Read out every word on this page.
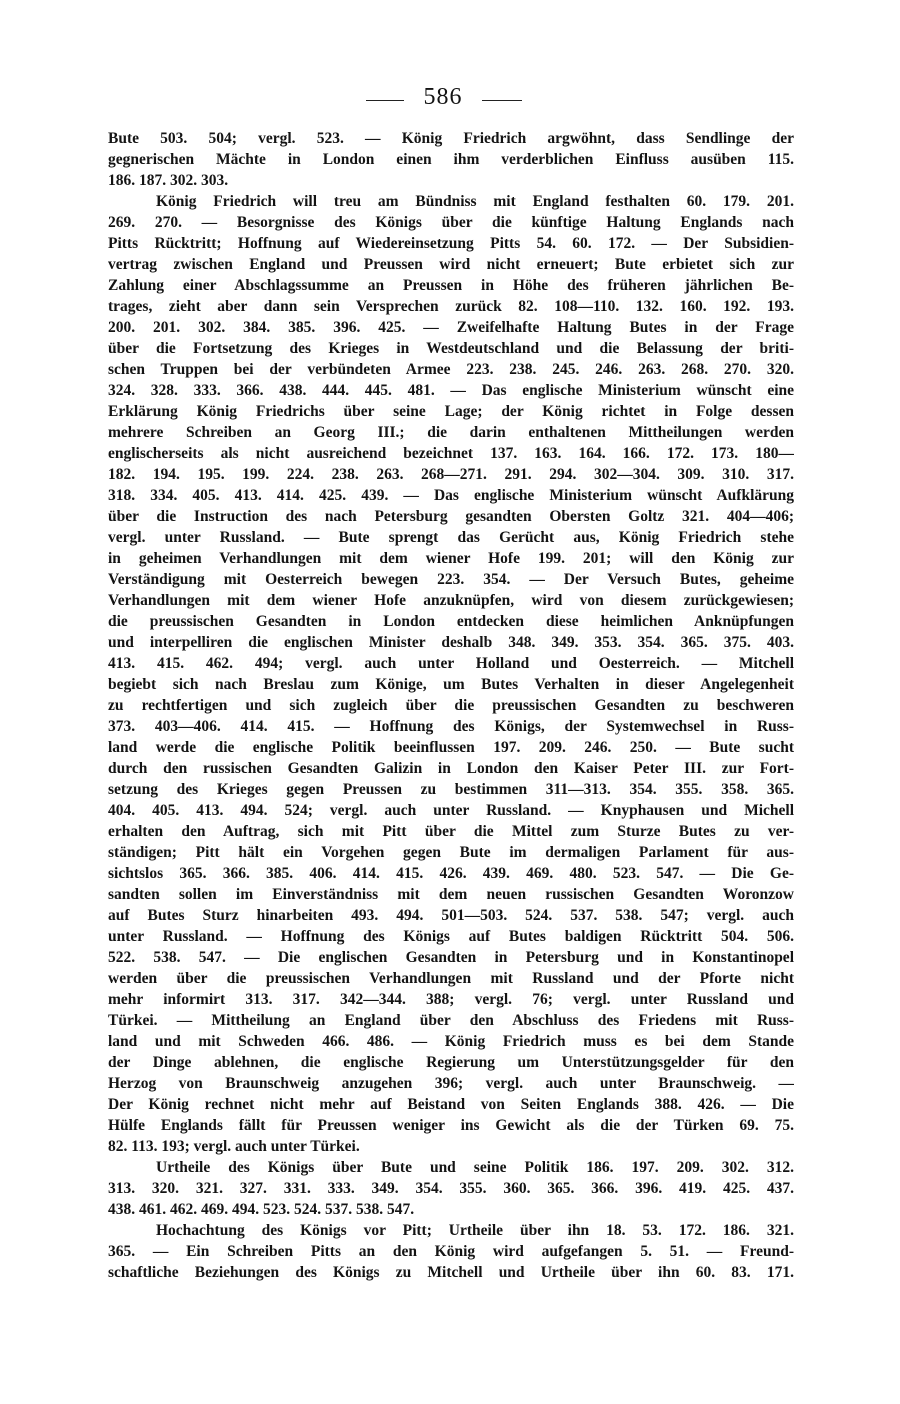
586
Bute 503. 504; vergl. 523. — König Friedrich argwöhnt, dass Sendlinge der
gegnerischen Mächte in London einen ihm verderblichen Einfluss ausüben 115.
186. 187. 302. 303.
König Friedrich will treu am Bündniss mit England festhalten 60. 179. 201.
269. 270. — Besorgnisse des Königs über die künftige Haltung Englands nach
Pitts Rücktritt; Hoffnung auf Wiedereinsetzung Pitts 54. 60. 172. — Der Subsidien-
vertrag zwischen England und Preussen wird nicht erneuert; Bute erbietet sich zur
Zahlung einer Abschlagssumme an Preussen in Höhe des früheren jährlichen Be-
trages, zieht aber dann sein Versprechen zurück 82. 108—110. 132. 160. 192. 193.
200. 201. 302. 384. 385. 396. 425. — Zweifelhafte Haltung Butes in der Frage
über die Fortsetzung des Krieges in Westdeutschland und die Belassung der briti-
schen Truppen bei der verbündeten Armee 223. 238. 245. 246. 263. 268. 270. 320.
324. 328. 333. 366. 438. 444. 445. 481. — Das englische Ministerium wünscht eine
Erklärung König Friedrichs über seine Lage; der König richtet in Folge dessen
mehrere Schreiben an Georg III.; die darin enthaltenen Mittheilungen werden
englischerseits als nicht ausreichend bezeichnet 137. 163. 164. 166. 172. 173. 180—
182. 194. 195. 199. 224. 238. 263. 268—271. 291. 294. 302—304. 309. 310. 317.
318. 334. 405. 413. 414. 425. 439. — Das englische Ministerium wünscht Aufklärung
über die Instruction des nach Petersburg gesandten Obersten Goltz 321. 404—406;
vergl. unter Russland. — Bute sprengt das Gerücht aus, König Friedrich stehe
in geheimen Verhandlungen mit dem wiener Hofe 199. 201; will den König zur
Verständigung mit Oesterreich bewegen 223. 354. — Der Versuch Butes, geheime
Verhandlungen mit dem wiener Hofe anzuknüpfen, wird von diesem zurückgewiesen;
die preussischen Gesandten in London entdecken diese heimlichen Anknüpfungen
und interpelliren die englischen Minister deshalb 348. 349. 353. 354. 365. 375. 403.
413. 415. 462. 494; vergl. auch unter Holland und Oesterreich. — Mitchell
begiebt sich nach Breslau zum Könige, um Butes Verhalten in dieser Angelegenheit
zu rechtfertigen und sich zugleich über die preussischen Gesandten zu beschweren
373. 403—406. 414. 415. — Hoffnung des Königs, der Systemwechsel in Russ-
land werde die englische Politik beeinflussen 197. 209. 246. 250. — Bute sucht
durch den russischen Gesandten Galizin in London den Kaiser Peter III. zur Fort-
setzung des Krieges gegen Preussen zu bestimmen 311—313. 354. 355. 358. 365.
404. 405. 413. 494. 524; vergl. auch unter Russland. — Knyphausen und Michell
erhalten den Auftrag, sich mit Pitt über die Mittel zum Sturze Butes zu ver-
ständigen; Pitt hält ein Vorgehen gegen Bute im dermaligen Parlament für aus-
sichtslos 365. 366. 385. 406. 414. 415. 426. 439. 469. 480. 523. 547. — Die Ge-
sandten sollen im Einverständniss mit dem neuen russischen Gesandten Woronzow
auf Butes Sturz hinarbeiten 493. 494. 501—503. 524. 537. 538. 547; vergl. auch
unter Russland. — Hoffnung des Königs auf Butes baldigen Rücktritt 504. 506.
522. 538. 547. — Die englischen Gesandten in Petersburg und in Konstantinopel
werden über die preussischen Verhandlungen mit Russland und der Pforte nicht
mehr informirt 313. 317. 342—344. 388; vergl. 76; vergl. unter Russland und
Türkei. — Mittheilung an England über den Abschluss des Friedens mit Russ-
land und mit Schweden 466. 486. — König Friedrich muss es bei dem Stande
der Dinge ablehnen, die englische Regierung um Unterstützungsgelder für den
Herzog von Braunschweig anzugehen 396; vergl. auch unter Braunschweig. —
Der König rechnet nicht mehr auf Beistand von Seiten Englands 388. 426. — Die
Hülfe Englands fällt für Preussen weniger ins Gewicht als die der Türken 69. 75.
82. 113. 193; vergl. auch unter Türkei.
Urtheile des Königs über Bute und seine Politik 186. 197. 209. 302. 312.
313. 320. 321. 327. 331. 333. 349. 354. 355. 360. 365. 366. 396. 419. 425. 437.
438. 461. 462. 469. 494. 523. 524. 537. 538. 547.
Hochachtung des Königs vor Pitt; Urtheile über ihn 18. 53. 172. 186. 321.
365. — Ein Schreiben Pitts an den König wird aufgefangen 5. 51. — Freund-
schaftliche Beziehungen des Königs zu Mitchell und Urtheile über ihn 60. 83. 171.
